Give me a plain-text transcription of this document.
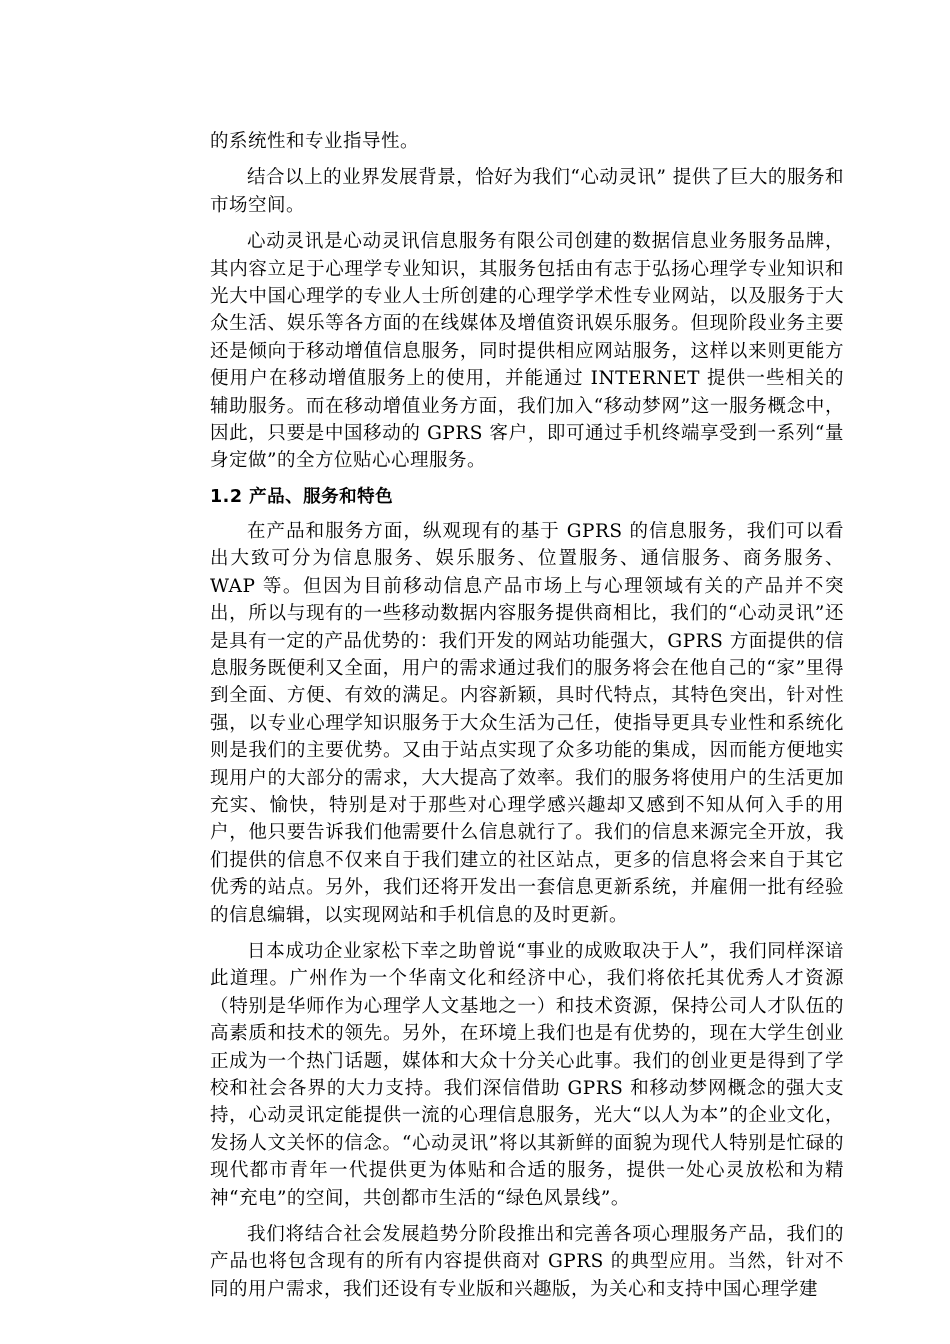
的系统性和专业指导性。

结合以上的业界发展背景，恰好为我们“心动灵讯” 提供了巨大的服务和市场空间。

心动灵讯是心动灵讯信息服务有限公司创建的数据信息业务服务品牌，其内容立足于心理学专业知识，其服务包括由有志于弘扬心理学专业知识和光大中国心理学的专业人士所创建的心理学学术性专业网站，以及服务于大众生活、娱乐等各方面的在线媒体及增值资讯娱乐服务。但现阶段业务主要还是倾向于移动增值信息服务，同时提供相应网站服务，这样以来则更能方便用户在移动增值服务上的使用，并能通过 INTERNET 提供一些相关的辅助服务。而在移动增值业务方面，我们加入“移动梦网”这一服务概念中，因此，只要是中国移动的 GPRS 客户，即可通过手机终端享受到一系列“量身定做”的全方位贴心心理服务。

1.2 产品、服务和特色

在产品和服务方面，纵观现有的基于 GPRS 的信息服务，我们可以看出大致可分为信息服务、娱乐服务、位置服务、通信服务、商务服务、WAP 等。但因为目前移动信息产品市场上与心理领域有关的产品并不突出，所以与现有的一些移动数据内容服务提供商相比，我们的“心动灵讯”还是具有一定的产品优势的：我们开发的网站功能强大，GPRS 方面提供的信息服务既便利又全面，用户的需求通过我们的服务将会在他自己的“家”里得到全面、方便、有效的满足。内容新颖，具时代特点，其特色突出，针对性强，以专业心理学知识服务于大众生活为己任，使指导更具专业性和系统化则是我们的主要优势。又由于站点实现了众多功能的集成，因而能方便地实现用户的大部分的需求，大大提高了效率。我们的服务将使用户的生活更加充实、愉快，特别是对于那些对心理学感兴趣却又感到不知从何入手的用户，他只要告诉我们他需要什么信息就行了。我们的信息来源完全开放，我们提供的信息不仅来自于我们建立的社区站点，更多的信息将会来自于其它优秀的站点。另外，我们还将开发出一套信息更新系统，并雇佣一批有经验的信息编辑，以实现网站和手机信息的及时更新。

日本成功企业家松下幸之助曾说“事业的成败取决于人”，我们同样深谙此道理。广州作为一个华南文化和经济中心，我们将依托其优秀人才资源（特别是华师作为心理学人文基地之一）和技术资源，保持公司人才队伍的高素质和技术的领先。另外，在环境上我们也是有优势的，现在大学生创业正成为一个热门话题，媒体和大众十分关心此事。我们的创业更是得到了学校和社会各界的大力支持。我们深信借助 GPRS 和移动梦网概念的强大支持，心动灵讯定能提供一流的心理信息服务，光大“以人为本”的企业文化，发扬人文关怀的信念。“心动灵讯”将以其新鲜的面貌为现代人特别是忙碌的现代都市青年一代提供更为体贴和合适的服务，提供一处心灵放松和为精神“充电”的空间，共创都市生活的“绿色风景线”。

我们将结合社会发展趋势分阶段推出和完善各项心理服务产品，我们的产品也将包含现有的所有内容提供商对 GPRS 的典型应用。当然，针对不同的用户需求，我们还设有专业版和兴趣版，为关心和支持中国心理学建
